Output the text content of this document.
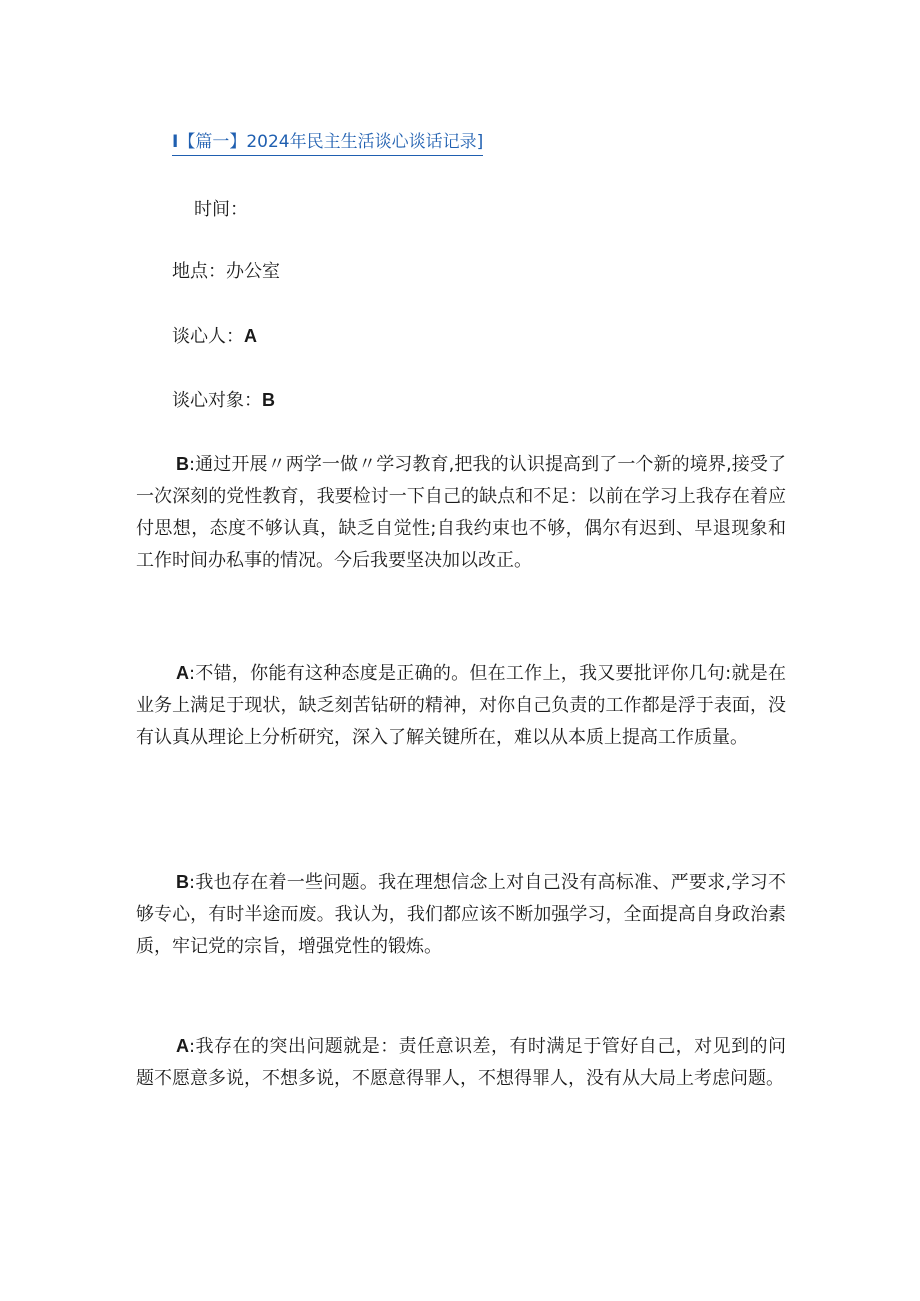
I【篇一】2024年民主生活谈心谈话记录]
时间：
地点：办公室
谈心人：A
谈心对象：B

B:通过开展〃两学一做〃学习教育,把我的认识提高到了一个新的境界,接受了一次深刻的党性教育，我要检讨一下自己的缺点和不足：以前在学习上我存在着应付思想，态度不够认真，缺乏自觉性;自我约束也不够，偶尔有迟到、早退现象和工作时间办私事的情况。今后我要坚决加以改正。

A:不错，你能有这种态度是正确的。但在工作上，我又要批评你几句:就是在业务上满足于现状，缺乏刻苦钻研的精神，对你自己负责的工作都是浮于表面，没有认真从理论上分析研究，深入了解关键所在，难以从本质上提高工作质量。

B:我也存在着一些问题。我在理想信念上对自己没有高标准、严要求,学习不够专心，有时半途而废。我认为，我们都应该不断加强学习，全面提高自身政治素质，牢记党的宗旨，增强党性的锻炼。

A:我存在的突出问题就是：责任意识差，有时满足于管好自己，对见到的问题不愿意多说，不想多说，不愿意得罪人，不想得罪人，没有从大局上考虑问题。
